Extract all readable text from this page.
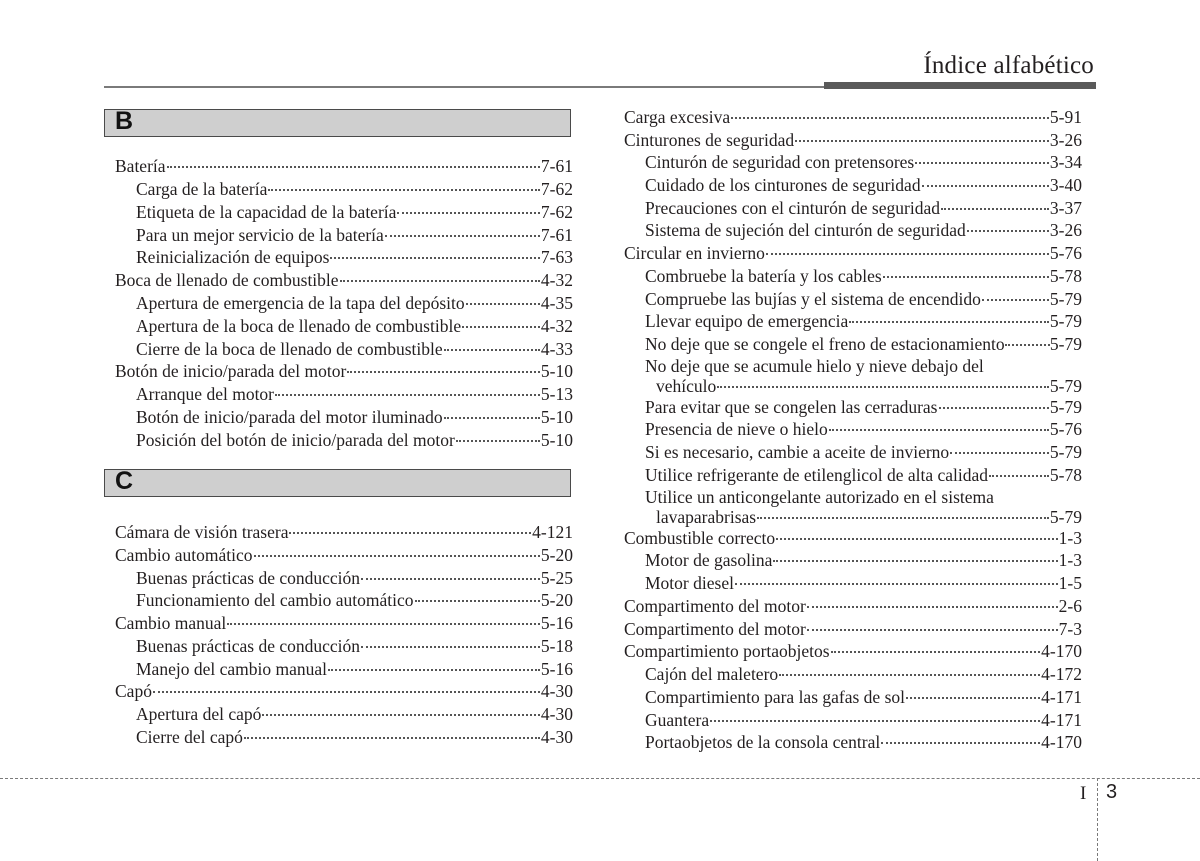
Índice alfabético
B
Batería	7-61
Carga de la batería	7-62
Etiqueta de la capacidad de la batería	7-62
Para un mejor servicio de la batería	7-61
Reinicialización de equipos	7-63
Boca de llenado de combustible	4-32
Apertura de emergencia de la tapa del depósito	4-35
Apertura de la boca de llenado de combustible	4-32
Cierre de la boca de llenado de combustible	4-33
Botón de inicio/parada del motor	5-10
Arranque del motor	5-13
Botón de inicio/parada del motor iluminado	5-10
Posición del botón de inicio/parada del motor	5-10
C
Cámara de visión trasera	4-121
Cambio automático	5-20
Buenas prácticas de conducción	5-25
Funcionamiento del cambio automático	5-20
Cambio manual	5-16
Buenas prácticas de conducción	5-18
Manejo del cambio manual	5-16
Capó	4-30
Apertura del capó	4-30
Cierre del capó	4-30
Carga excesiva	5-91
Cinturones de seguridad	3-26
Cinturón de seguridad con pretensores	3-34
Cuidado de los cinturones de seguridad	3-40
Precauciones con el cinturón de seguridad	3-37
Sistema de sujeción del cinturón de seguridad	3-26
Circular en invierno	5-76
Combruebe la batería y los cables	5-78
Compruebe las bujías y el sistema de encendido	5-79
Llevar equipo de emergencia	5-79
No deje que se congele el freno de estacionamiento	5-79
No deje que se acumule hielo y nieve debajo del
vehículo	5-79
Para evitar que se congelen las cerraduras	5-79
Presencia de nieve o hielo	5-76
Si es necesario, cambie a aceite de invierno	5-79
Utilice refrigerante de etilenglicol de alta calidad	5-78
Utilice un anticongelante autorizado en el sistema
lavaparabrisas	5-79
Combustible correcto	1-3
Motor de gasolina	1-3
Motor diesel	1-5
Compartimento del motor	2-6
Compartimento del motor	7-3
Compartimiento portaobjetos	4-170
Cajón del maletero	4-172
Compartimiento para las gafas de sol	4-171
Guantera	4-171
Portaobjetos de la consola central	4-170
I 3
